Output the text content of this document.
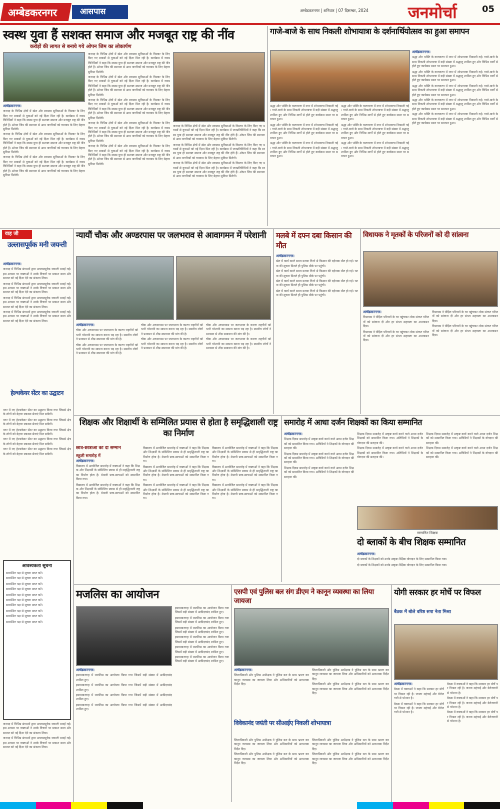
अम्बेडकरनगर	आसपास	अम्बेडकरनगर | शनिवार | 07 दिसम्बर, 2024 जनमोर्चा	05
स्वस्थ युवा हैं सशक्त समाज और मजबूत राष्ट्र की नींव
करोड़ों की लागत से बनाये गये ओपन जिम का लोकार्पण

अम्बेडकरनगर।

जनपद के विभिन्न क्षेत्रों में खेल और स्वास्थ्य सुविधाओं के विस्तार के लिए किए गए प्रयासों से युवाओं को नई दिशा मिल रही है। कार्यक्रम में जनप्रतिनिधियों ने कहा कि स्वस्थ युवा ही सशक्त समाज और मजबूत राष्ट्र की नींव होते हैं। ओपन जिम की स्थापना से आम नागरिकों को व्यायाम के लिए बेहतर सुविधा मिलेगी।

जनपद के विभिन्न क्षेत्रों में खेल और स्वास्थ्य सुविधाओं के विस्तार के लिए किए गए प्रयासों से युवाओं को नई दिशा मिल रही है। कार्यक्रम में जनप्रतिनिधियों ने कहा कि स्वस्थ युवा ही सशक्त समाज और मजबूत राष्ट्र की नींव होते हैं। ओपन जिम की स्थापना से आम नागरिकों को व्यायाम के लिए बेहतर सुविधा मिलेगी।

जनपद के विभिन्न क्षेत्रों में खेल और स्वास्थ्य सुविधाओं के विस्तार के लिए किए गए प्रयासों से युवाओं को नई दिशा मिल रही है। कार्यक्रम में जनप्रतिनिधियों ने कहा कि स्वस्थ युवा ही सशक्त समाज और मजबूत राष्ट्र की नींव होते हैं। ओपन जिम की स्थापना से आम नागरिकों को व्यायाम के लिए बेहतर सुविधा मिलेगी।

जनपद के विभिन्न क्षेत्रों में खेल और स्वास्थ्य सुविधाओं के विस्तार के लिए किए गए प्रयासों से युवाओं को नई दिशा मिल रही है। कार्यक्रम में जनप्रतिनिधियों ने कहा कि स्वस्थ युवा ही सशक्त समाज और मजबूत राष्ट्र की नींव होते हैं। ओपन जिम की स्थापना से आम नागरिकों को व्यायाम के लिए बेहतर सुविधा मिलेगी।

जनपद के विभिन्न क्षेत्रों में खेल और स्वास्थ्य सुविधाओं के विस्तार के लिए किए गए प्रयासों से युवाओं को नई दिशा मिल रही है। कार्यक्रम में जनप्रतिनिधियों ने कहा कि स्वस्थ युवा ही सशक्त समाज और मजबूत राष्ट्र की नींव होते हैं। ओपन जिम की स्थापना से आम नागरिकों को व्यायाम के लिए बेहतर सुविधा मिलेगी।

जनपद के विभिन्न क्षेत्रों में खेल और स्वास्थ्य सुविधाओं के विस्तार के लिए किए गए प्रयासों से युवाओं को नई दिशा मिल रही है। कार्यक्रम में जनप्रतिनिधियों ने कहा कि स्वस्थ युवा ही सशक्त समाज और मजबूत राष्ट्र की नींव होते हैं। ओपन जिम की स्थापना से आम नागरिकों को व्यायाम के लिए बेहतर सुविधा मिलेगी।

जनपद के विभिन्न क्षेत्रों में खेल और स्वास्थ्य सुविधाओं के विस्तार के लिए किए गए प्रयासों से युवाओं को नई दिशा मिल रही है। कार्यक्रम में जनप्रतिनिधियों ने कहा कि स्वस्थ युवा ही सशक्त समाज और मजबूत राष्ट्र की नींव होते हैं। ओपन जिम की स्थापना से आम नागरिकों को व्यायाम के लिए बेहतर सुविधा मिलेगी।

जनपद के विभिन्न क्षेत्रों में खेल और स्वास्थ्य सुविधाओं के विस्तार के लिए किए गए प्रयासों से युवाओं को नई दिशा मिल रही है। कार्यक्रम में जनप्रतिनिधियों ने कहा कि स्वस्थ युवा ही सशक्त समाज और मजबूत राष्ट्र की नींव होते हैं। ओपन जिम की स्थापना से आम नागरिकों को व्यायाम के लिए बेहतर सुविधा मिलेगी।

जनपद के विभिन्न क्षेत्रों में खेल और स्वास्थ्य सुविधाओं के विस्तार के लिए किए गए प्रयासों से युवाओं को नई दिशा मिल रही है। कार्यक्रम में जनप्रतिनिधियों ने कहा कि स्वस्थ युवा ही सशक्त समाज और मजबूत राष्ट्र की नींव होते हैं। ओपन जिम की स्थापना से आम नागरिकों को व्यायाम के लिए बेहतर सुविधा मिलेगी।

जनपद के विभिन्न क्षेत्रों में खेल और स्वास्थ्य सुविधाओं के विस्तार के लिए किए गए प्रयासों से युवाओं को नई दिशा मिल रही है। कार्यक्रम में जनप्रतिनिधियों ने कहा कि स्वस्थ युवा ही सशक्त समाज और मजबूत राष्ट्र की नींव होते हैं। ओपन जिम की स्थापना से आम नागरिकों को व्यायाम के लिए बेहतर सुविधा मिलेगी।

जनपद के विभिन्न क्षेत्रों में खेल और स्वास्थ्य सुविधाओं के विस्तार के लिए किए गए प्रयासों से युवाओं को नई दिशा मिल रही है। कार्यक्रम में जनप्रतिनिधियों ने कहा कि स्वस्थ युवा ही सशक्त समाज और मजबूत राष्ट्र की नींव होते हैं। ओपन जिम की स्थापना से आम नागरिकों को व्यायाम के लिए बेहतर सुविधा मिलेगी।

गाजे-बाजे के साथ निकली शोभायात्रा के दर्शनार्थियोत्सव का हुआ समापन

अम्बेडकरनगर।

श्रद्धा और भक्ति के वातावरण में नगर में शोभायात्रा निकाली गई। गाजे-बाजे के साथ निकली शोभायात्रा में बड़ी संख्या में श्रद्धालु शामिल हुए और विभिन्न मार्गों से होते हुए कार्यक्रम स्थल पर समापन हुआ।

श्रद्धा और भक्ति के वातावरण में नगर में शोभायात्रा निकाली गई। गाजे-बाजे के साथ निकली शोभायात्रा में बड़ी संख्या में श्रद्धालु शामिल हुए और विभिन्न मार्गों से होते हुए कार्यक्रम स्थल पर समापन हुआ।

श्रद्धा और भक्ति के वातावरण में नगर में शोभायात्रा निकाली गई। गाजे-बाजे के साथ निकली शोभायात्रा में बड़ी संख्या में श्रद्धालु शामिल हुए और विभिन्न मार्गों से होते हुए कार्यक्रम स्थल पर समापन हुआ।

श्रद्धा और भक्ति के वातावरण में नगर में शोभायात्रा निकाली गई। गाजे-बाजे के साथ निकली शोभायात्रा में बड़ी संख्या में श्रद्धालु शामिल हुए और विभिन्न मार्गों से होते हुए कार्यक्रम स्थल पर समापन हुआ।

श्रद्धा और भक्ति के वातावरण में नगर में शोभायात्रा निकाली गई। गाजे-बाजे के साथ निकली शोभायात्रा में बड़ी संख्या में श्रद्धालु शामिल हुए और विभिन्न मार्गों से होते हुए कार्यक्रम स्थल पर समापन हुआ।

श्रद्धा और भक्ति के वातावरण में नगर में शोभायात्रा निकाली गई। गाजे-बाजे के साथ निकली शोभायात्रा में बड़ी संख्या में श्रद्धालु शामिल हुए और विभिन्न मार्गों से होते हुए कार्यक्रम स्थल पर समापन हुआ।

श्रद्धा और भक्ति के वातावरण में नगर में शोभायात्रा निकाली गई। गाजे-बाजे के साथ निकली शोभायात्रा में बड़ी संख्या में श्रद्धालु शामिल हुए और विभिन्न मार्गों से होते हुए कार्यक्रम स्थल पर समापन हुआ।

श्रद्धा और भक्ति के वातावरण में नगर में शोभायात्रा निकाली गई। गाजे-बाजे के साथ निकली शोभायात्रा में बड़ी संख्या में श्रद्धालु शामिल हुए और विभिन्न मार्गों से होते हुए कार्यक्रम स्थल पर समापन हुआ।

श्रद्धा और भक्ति के वातावरण में नगर में शोभायात्रा निकाली गई। गाजे-बाजे के साथ निकली शोभायात्रा में बड़ी संख्या में श्रद्धालु शामिल हुए और विभिन्न मार्गों से होते हुए कार्यक्रम स्थल पर समापन हुआ।

श्रद्धा और भक्ति के वातावरण में नगर में शोभायात्रा निकाली गई। गाजे-बाजे के साथ निकली शोभायात्रा में बड़ी संख्या में श्रद्धालु शामिल हुए और विभिन्न मार्गों से होते हुए कार्यक्रम स्थल पर समापन हुआ।

श्रद्धा और भक्ति के वातावरण में नगर में शोभायात्रा निकाली गई। गाजे-बाजे के साथ निकली शोभायात्रा में बड़ी संख्या में श्रद्धालु शामिल हुए और विभिन्न मार्गों से होते हुए कार्यक्रम स्थल पर समापन हुआ।

वाह जी
उल्लासपूर्वक मनी जयन्ती

अम्बेडकरनगर।

जनपद में विभिन्न संगठनों द्वारा उल्लासपूर्वक जयन्ती मनाई गई। इस अवसर पर वक्ताओं ने उनके विचारों पर प्रकाश डाला और समाज को नई दिशा देने का संकल्प लिया।

जनपद में विभिन्न संगठनों द्वारा उल्लासपूर्वक जयन्ती मनाई गई। इस अवसर पर वक्ताओं ने उनके विचारों पर प्रकाश डाला और समाज को नई दिशा देने का संकल्प लिया।

जनपद में विभिन्न संगठनों द्वारा उल्लासपूर्वक जयन्ती मनाई गई। इस अवसर पर वक्ताओं ने उनके विचारों पर प्रकाश डाला और समाज को नई दिशा देने का संकल्प लिया।

जनपद में विभिन्न संगठनों द्वारा उल्लासपूर्वक जयन्ती मनाई गई। इस अवसर पर वक्ताओं ने उनके विचारों पर प्रकाश डाला और समाज को नई दिशा देने का संकल्प लिया।

हेल्थकेयर सेंटर का उद्घाटन

नगर में नए हेल्थकेयर सेंटर का उद्घाटन किया गया जिससे क्षेत्र के लोगों को बेहतर स्वास्थ्य सेवाएं मिल सकेंगी।

नगर में नए हेल्थकेयर सेंटर का उद्घाटन किया गया जिससे क्षेत्र के लोगों को बेहतर स्वास्थ्य सेवाएं मिल सकेंगी।

नगर में नए हेल्थकेयर सेंटर का उद्घाटन किया गया जिससे क्षेत्र के लोगों को बेहतर स्वास्थ्य सेवाएं मिल सकेंगी।

नगर में नए हेल्थकेयर सेंटर का उद्घाटन किया गया जिससे क्षेत्र के लोगों को बेहतर स्वास्थ्य सेवाएं मिल सकेंगी।

नगर में नए हेल्थकेयर सेंटर का उद्घाटन किया गया जिससे क्षेत्र के लोगों को बेहतर स्वास्थ्य सेवाएं मिल सकेंगी।

आवश्यकता सूचना

सम्बन्धित पक्ष से सूचना प्राप्त करें।

सम्बन्धित पक्ष से सूचना प्राप्त करें।

सम्बन्धित पक्ष से सूचना प्राप्त करें।

सम्बन्धित पक्ष से सूचना प्राप्त करें।

सम्बन्धित पक्ष से सूचना प्राप्त करें।

सम्बन्धित पक्ष से सूचना प्राप्त करें।

सम्बन्धित पक्ष से सूचना प्राप्त करें।

सम्बन्धित पक्ष से सूचना प्राप्त करें।

सम्बन्धित पक्ष से सूचना प्राप्त करें।

सम्बन्धित पक्ष से सूचना प्राप्त करें।

जनपद में विभिन्न संगठनों द्वारा उल्लासपूर्वक जयन्ती मनाई गई। इस अवसर पर वक्ताओं ने उनके विचारों पर प्रकाश डाला और समाज को नई दिशा देने का संकल्प लिया।

जनपद में विभिन्न संगठनों द्वारा उल्लासपूर्वक जयन्ती मनाई गई। इस अवसर पर वक्ताओं ने उनके विचारों पर प्रकाश डाला और समाज को नई दिशा देने का संकल्प लिया।

न्यायौं चौक और अण्डरपास पर जलभराव से आवागमन में परेशानी

अम्बेडकरनगर।

चौक और अण्डरपास पर जलभराव के कारण राहगीरों को भारी परेशानी का सामना करना पड़ रहा है। स्थानीय लोगों ने प्रशासन से शीघ्र समाधान की मांग की है।

चौक और अण्डरपास पर जलभराव के कारण राहगीरों को भारी परेशानी का सामना करना पड़ रहा है। स्थानीय लोगों ने प्रशासन से शीघ्र समाधान की मांग की है।

चौक और अण्डरपास पर जलभराव के कारण राहगीरों को भारी परेशानी का सामना करना पड़ रहा है। स्थानीय लोगों ने प्रशासन से शीघ्र समाधान की मांग की है।

चौक और अण्डरपास पर जलभराव के कारण राहगीरों को भारी परेशानी का सामना करना पड़ रहा है। स्थानीय लोगों ने प्रशासन से शीघ्र समाधान की मांग की है।

चौक और अण्डरपास पर जलभराव के कारण राहगीरों को भारी परेशानी का सामना करना पड़ रहा है। स्थानीय लोगों ने प्रशासन से शीघ्र समाधान की मांग की है।

चौक और अण्डरपास पर जलभराव के कारण राहगीरों को भारी परेशानी का सामना करना पड़ रहा है। स्थानीय लोगों ने प्रशासन से शीघ्र समाधान की मांग की है।

मलबे में दफ्न दबा किसान की मौत

अम्बेडकरनगर।

खेत में कार्य करते समय मलबा गिरने से किसान की दर्दनाक मौत हो गई। घटना की सूचना मिलते ही पुलिस मौके पर पहुंची।

खेत में कार्य करते समय मलबा गिरने से किसान की दर्दनाक मौत हो गई। घटना की सूचना मिलते ही पुलिस मौके पर पहुंची।

खेत में कार्य करते समय मलबा गिरने से किसान की दर्दनाक मौत हो गई। घटना की सूचना मिलते ही पुलिस मौके पर पहुंची।

खेत में कार्य करते समय मलबा गिरने से किसान की दर्दनाक मौत हो गई। घटना की सूचना मिलते ही पुलिस मौके पर पहुंची।

विधायक ने मृतकों के परिजनों को दी सांत्वना

अम्बेडकरनगर।

विधायक ने पीड़ित परिवारों के घर पहुंचकर शोक संतप्त परिजनों को सांत्वना दी और हर संभव सहायता का आश्वासन दिया।

विधायक ने पीड़ित परिवारों के घर पहुंचकर शोक संतप्त परिजनों को सांत्वना दी और हर संभव सहायता का आश्वासन दिया।

विधायक ने पीड़ित परिवारों के घर पहुंचकर शोक संतप्त परिजनों को सांत्वना दी और हर संभव सहायता का आश्वासन दिया।

विधायक ने पीड़ित परिवारों के घर पहुंचकर शोक संतप्त परिजनों को सांत्वना दी और हर संभव सहायता का आश्वासन दिया।

शिक्षक और शिक्षार्थी के सम्मिलित प्रयास से होता है समृद्धिशाली राष्ट्र का निर्माण

छात्र-छात्राओं को दी सम्मान

स्कूली समारोह में

अम्बेडकरनगर।

विद्यालय में आयोजित समारोह में वक्ताओं ने कहा कि शिक्षक और शिक्षार्थी के सम्मिलित प्रयास से ही समृद्धिशाली राष्ट्र का निर्माण होता है। मेधावी छात्र-छात्राओं को सम्मानित किया गया।

विद्यालय में आयोजित समारोह में वक्ताओं ने कहा कि शिक्षक और शिक्षार्थी के सम्मिलित प्रयास से ही समृद्धिशाली राष्ट्र का निर्माण होता है। मेधावी छात्र-छात्राओं को सम्मानित किया गया।

विद्यालय में आयोजित समारोह में वक्ताओं ने कहा कि शिक्षक और शिक्षार्थी के सम्मिलित प्रयास से ही समृद्धिशाली राष्ट्र का निर्माण होता है। मेधावी छात्र-छात्राओं को सम्मानित किया गया।

विद्यालय में आयोजित समारोह में वक्ताओं ने कहा कि शिक्षक और शिक्षार्थी के सम्मिलित प्रयास से ही समृद्धिशाली राष्ट्र का निर्माण होता है। मेधावी छात्र-छात्राओं को सम्मानित किया गया।

विद्यालय में आयोजित समारोह में वक्ताओं ने कहा कि शिक्षक और शिक्षार्थी के सम्मिलित प्रयास से ही समृद्धिशाली राष्ट्र का निर्माण होता है। मेधावी छात्र-छात्राओं को सम्मानित किया गया।

विद्यालय में आयोजित समारोह में वक्ताओं ने कहा कि शिक्षक और शिक्षार्थी के सम्मिलित प्रयास से ही समृद्धिशाली राष्ट्र का निर्माण होता है। मेधावी छात्र-छात्राओं को सम्मानित किया गया।

विद्यालय में आयोजित समारोह में वक्ताओं ने कहा कि शिक्षक और शिक्षार्थी के सम्मिलित प्रयास से ही समृद्धिशाली राष्ट्र का निर्माण होता है। मेधावी छात्र-छात्राओं को सम्मानित किया गया।

विद्यालय में आयोजित समारोह में वक्ताओं ने कहा कि शिक्षक और शिक्षार्थी के सम्मिलित प्रयास से ही समृद्धिशाली राष्ट्र का निर्माण होता है। मेधावी छात्र-छात्राओं को सम्मानित किया गया।

समारोह में आधा दर्जन शिक्षकों का किया सम्मानित

अम्बेडकरनगर।

शिक्षक दिवस समारोह में उत्कृष्ट कार्य करने वाले आधा दर्जन शिक्षकों को सम्मानित किया गया। अतिथियों ने शिक्षकों के योगदान की सराहना की।

शिक्षक दिवस समारोह में उत्कृष्ट कार्य करने वाले आधा दर्जन शिक्षकों को सम्मानित किया गया। अतिथियों ने शिक्षकों के योगदान की सराहना की।

शिक्षक दिवस समारोह में उत्कृष्ट कार्य करने वाले आधा दर्जन शिक्षकों को सम्मानित किया गया। अतिथियों ने शिक्षकों के योगदान की सराहना की।

शिक्षक दिवस समारोह में उत्कृष्ट कार्य करने वाले आधा दर्जन शिक्षकों को सम्मानित किया गया। अतिथियों ने शिक्षकों के योगदान की सराहना की।

शिक्षक दिवस समारोह में उत्कृष्ट कार्य करने वाले आधा दर्जन शिक्षकों को सम्मानित किया गया। अतिथियों ने शिक्षकों के योगदान की सराहना की।

शिक्षक दिवस समारोह में उत्कृष्ट कार्य करने वाले आधा दर्जन शिक्षकों को सम्मानित किया गया। अतिथियों ने शिक्षकों के योगदान की सराहना की।

शिक्षक दिवस समारोह में उत्कृष्ट कार्य करने वाले आधा दर्जन शिक्षकों को सम्मानित किया गया। अतिथियों ने शिक्षकों के योगदान की सराहना की।

सम्मानित शिक्षक
दो ब्लाकों के बीच शिक्षक सम्मानित

अम्बेडकरनगर।

दो ब्लाकों के शिक्षकों को उनके उत्कृष्ट शैक्षिक योगदान के लिए सम्मानित किया गया।

दो ब्लाकों के शिक्षकों को उनके उत्कृष्ट शैक्षिक योगदान के लिए सम्मानित किया गया।

मजलिस का आयोजन

अम्बेडकरनगर।

इमामबारगाह में मजलिस का आयोजन किया गया जिसमें बड़ी संख्या में अकीदतमंद शामिल हुए।

इमामबारगाह में मजलिस का आयोजन किया गया जिसमें बड़ी संख्या में अकीदतमंद शामिल हुए।

इमामबारगाह में मजलिस का आयोजन किया गया जिसमें बड़ी संख्या में अकीदतमंद शामिल हुए।

इमामबारगाह में मजलिस का आयोजन किया गया जिसमें बड़ी संख्या में अकीदतमंद शामिल हुए।

इमामबारगाह में मजलिस का आयोजन किया गया जिसमें बड़ी संख्या में अकीदतमंद शामिल हुए।

इमामबारगाह में मजलिस का आयोजन किया गया जिसमें बड़ी संख्या में अकीदतमंद शामिल हुए।

इमामबारगाह में मजलिस का आयोजन किया गया जिसमें बड़ी संख्या में अकीदतमंद शामिल हुए।

इमामबारगाह में मजलिस का आयोजन किया गया जिसमें बड़ी संख्या में अकीदतमंद शामिल हुए।

इमामबारगाह में मजलिस का आयोजन किया गया जिसमें बड़ी संख्या में अकीदतमंद शामिल हुए।

इमामबारगाह में मजलिस का आयोजन किया गया जिसमें बड़ी संख्या में अकीदतमंद शामिल हुए।

एसपी एवं पुलिस बल संग डीएम ने कानून व्यवस्था का लिया जायजा

अम्बेडकरनगर।

जिलाधिकारी और पुलिस अधीक्षक ने पुलिस बल के साथ भ्रमण कर कानून व्यवस्था का जायजा लिया और अधिकारियों को आवश्यक निर्देश दिए।

जिलाधिकारी और पुलिस अधीक्षक ने पुलिस बल के साथ भ्रमण कर कानून व्यवस्था का जायजा लिया और अधिकारियों को आवश्यक निर्देश दिए।

जिलाधिकारी और पुलिस अधीक्षक ने पुलिस बल के साथ भ्रमण कर कानून व्यवस्था का जायजा लिया और अधिकारियों को आवश्यक निर्देश दिए।

विवेकानंद जयंती पर सीआईए निकली शोभायात्रा

जिलाधिकारी और पुलिस अधीक्षक ने पुलिस बल के साथ भ्रमण कर कानून व्यवस्था का जायजा लिया और अधिकारियों को आवश्यक निर्देश दिए।

जिलाधिकारी और पुलिस अधीक्षक ने पुलिस बल के साथ भ्रमण कर कानून व्यवस्था का जायजा लिया और अधिकारियों को आवश्यक निर्देश दिए।

जिलाधिकारी और पुलिस अधीक्षक ने पुलिस बल के साथ भ्रमण कर कानून व्यवस्था का जायजा लिया और अधिकारियों को आवश्यक निर्देश दिए।

जिलाधिकारी और पुलिस अधीक्षक ने पुलिस बल के साथ भ्रमण कर कानून व्यवस्था का जायजा लिया और अधिकारियों को आवश्यक निर्देश दिए।

योगी सरकार हर मोर्चे पर विफल
बैठक में बोले वरिष्ठ सपा नेता मिश्रा

अम्बेडकरनगर।

बैठक में वक्ताओं ने कहा कि सरकार हर मोर्चे पर विफल रही है। जनता महंगाई और बेरोजगारी से परेशान है।

बैठक में वक्ताओं ने कहा कि सरकार हर मोर्चे पर विफल रही है। जनता महंगाई और बेरोजगारी से परेशान है।

बैठक में वक्ताओं ने कहा कि सरकार हर मोर्चे पर विफल रही है। जनता महंगाई और बेरोजगारी से परेशान है।

बैठक में वक्ताओं ने कहा कि सरकार हर मोर्चे पर विफल रही है। जनता महंगाई और बेरोजगारी से परेशान है।

बैठक में वक्ताओं ने कहा कि सरकार हर मोर्चे पर विफल रही है। जनता महंगाई और बेरोजगारी से परेशान है।
